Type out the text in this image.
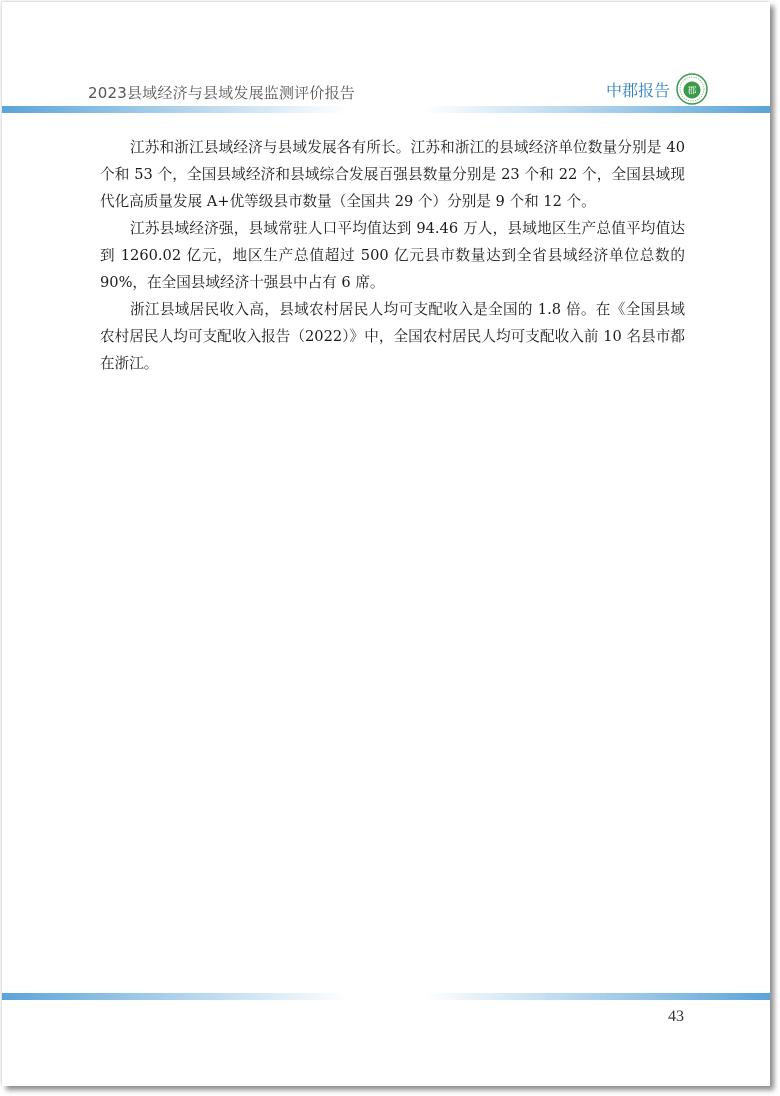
2023县域经济与县域发展监测评价报告	中郡报告 郡

江苏和浙江县域经济与县域发展各有所长。江苏和浙江的县域经济单位数量分别是 40 个和 53 个，全国县域经济和县域综合发展百强县数量分别是 23 个和 22 个，全国县域现代化高质量发展 A+优等级县市数量（全国共 29 个）分别是 9 个和 12 个。

江苏县域经济强，县域常驻人口平均值达到 94.46 万人，县域地区生产总值平均值达到 1260.02 亿元，地区生产总值超过 500 亿元县市数量达到全省县域经济单位总数的 90%，在全国县域经济十强县中占有 6 席。

浙江县域居民收入高，县域农村居民人均可支配收入是全国的 1.8 倍。在《全国县域农村居民人均可支配收入报告（2022）》中，全国农村居民人均可支配收入前 10 名县市都在浙江。

43
